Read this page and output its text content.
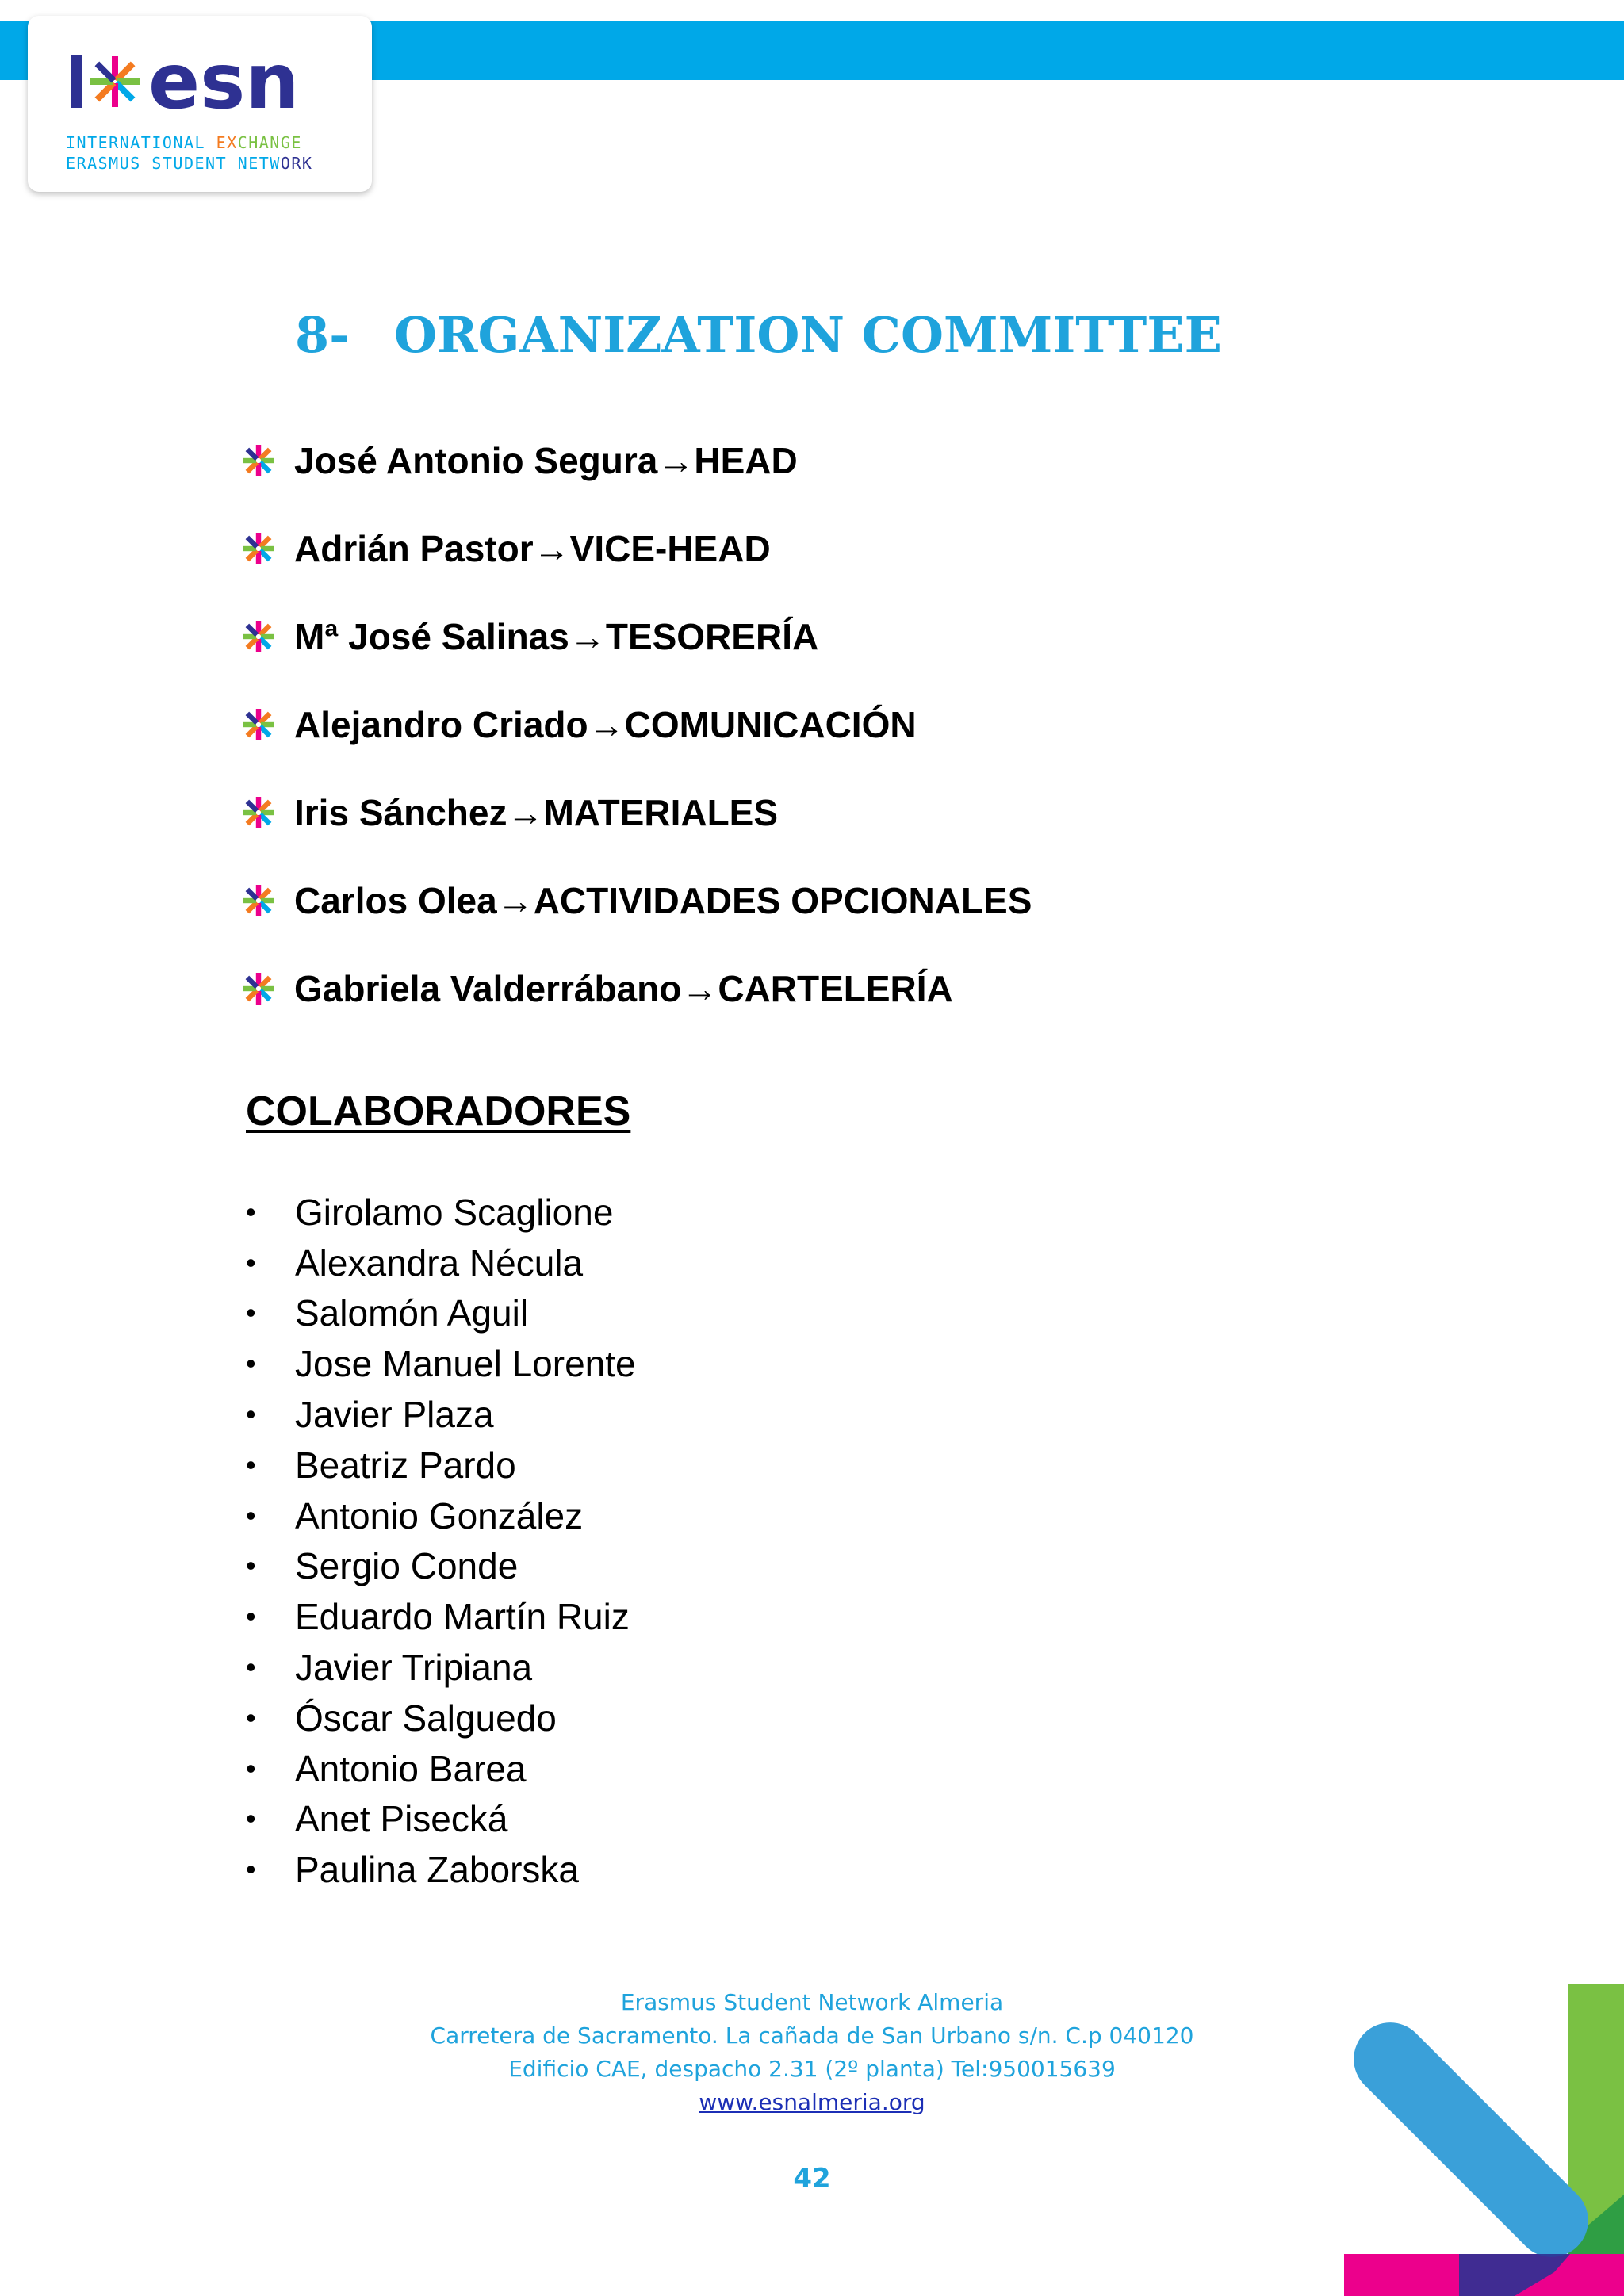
esn
INTERNATIONAL EXCHANGE
ERASMUS STUDENT NETWORK
8- ORGANIZATION COMMITTEE
José Antonio Segura → HEAD
Adrián Pastor → VICE-HEAD
Mª José Salinas → TESORERÍA
Alejandro Criado → COMUNICACIÓN
Iris Sánchez → MATERIALES
Carlos Olea → ACTIVIDADES OPCIONALES
Gabriela Valderrábano → CARTELERÍA
COLABORADORES
•	Girolamo Scaglione
•	Alexandra Nécula
•	Salomón Aguil
•	Jose Manuel Lorente
•	Javier Plaza
•	Beatriz Pardo
•	Antonio González
•	Sergio Conde
•	Eduardo Martín Ruiz
•	Javier Tripiana
•	Óscar Salguedo
•	Antonio Barea
•	Anet Pisecká
•	Paulina Zaborska
Erasmus Student Network Almeria
Carretera de Sacramento. La cañada de San Urbano s/n. C.p 040120
Edificio CAE, despacho 2.31 (2º planta) Tel:950015639
www.esnalmeria.org
42
